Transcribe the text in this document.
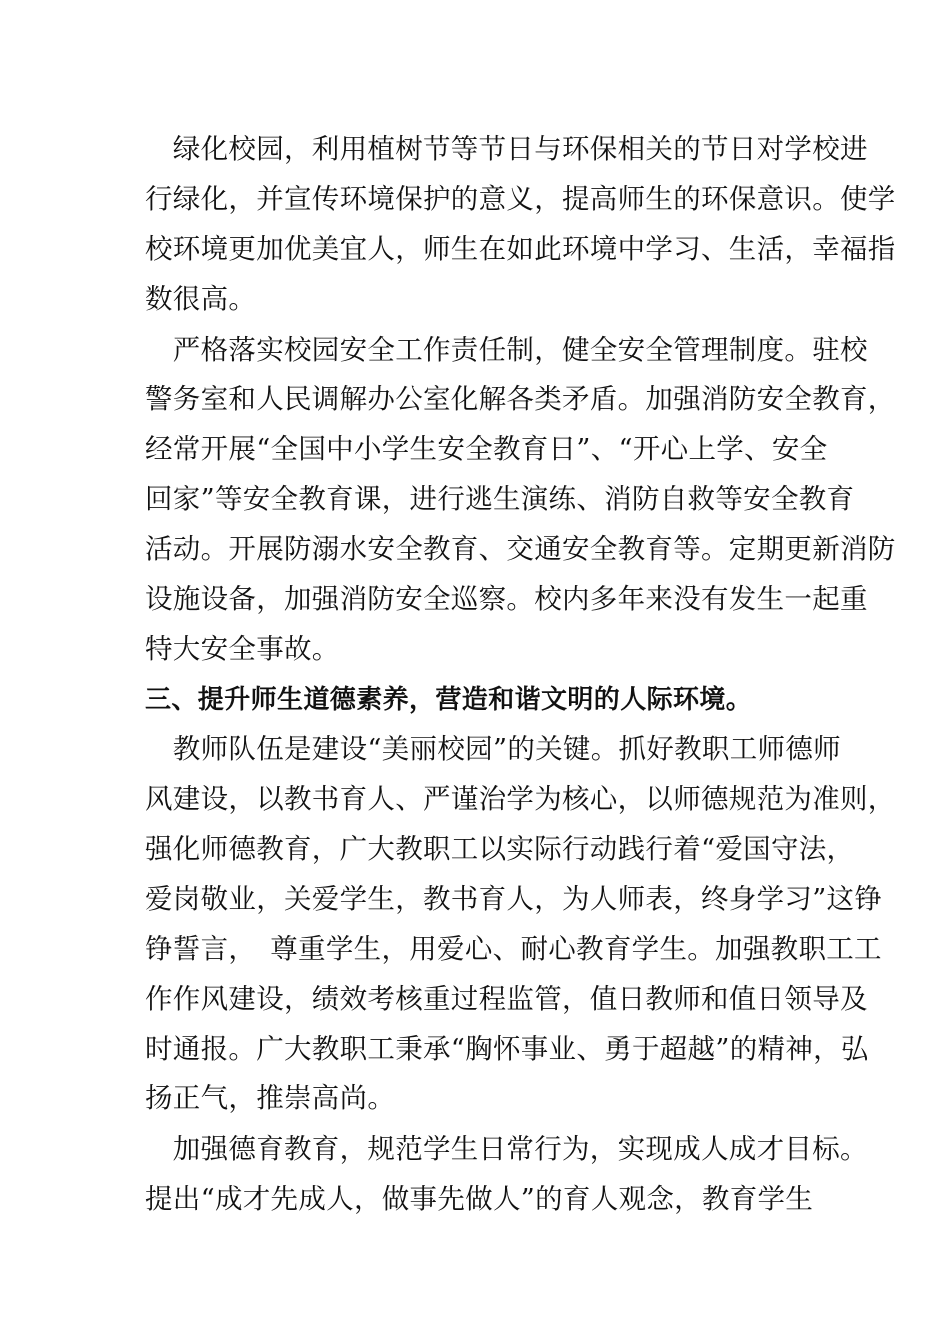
　绿化校园，利用植树节等节日与环保相关的节日对学校进
行绿化，并宣传环境保护的意义，提高师生的环保意识。使学
校环境更加优美宜人，师生在如此环境中学习、生活，幸福指
数很高。
　严格落实校园安全工作责任制，健全安全管理制度。驻校
警务室和人民调解办公室化解各类矛盾。加强消防安全教育，
经常开展“全国中小学生安全教育日”、“开心上学、安全
回家”等安全教育课，进行逃生演练、消防自救等安全教育
活动。开展防溺水安全教育、交通安全教育等。定期更新消防
设施设备，加强消防安全巡察。校内多年来没有发生一起重
特大安全事故。
三、提升师生道德素养，营造和谐文明的人际环境。
　教师队伍是建设“美丽校园”的关键。抓好教职工师德师
风建设，以教书育人、严谨治学为核心，以师德规范为准则，
强化师德教育，广大教职工以实际行动践行着“爱国守法，
爱岗敬业，关爱学生，教书育人，为人师表，终身学习”这铮
铮誓言，　尊重学生，用爱心、耐心教育学生。加强教职工工
作作风建设，绩效考核重过程监管，值日教师和值日领导及
时通报。广大教职工秉承“胸怀事业、勇于超越”的精神，弘
扬正气，推崇高尚。
　加强德育教育，规范学生日常行为，实现成人成才目标。
提出“成才先成人，做事先做人”的育人观念，教育学生
